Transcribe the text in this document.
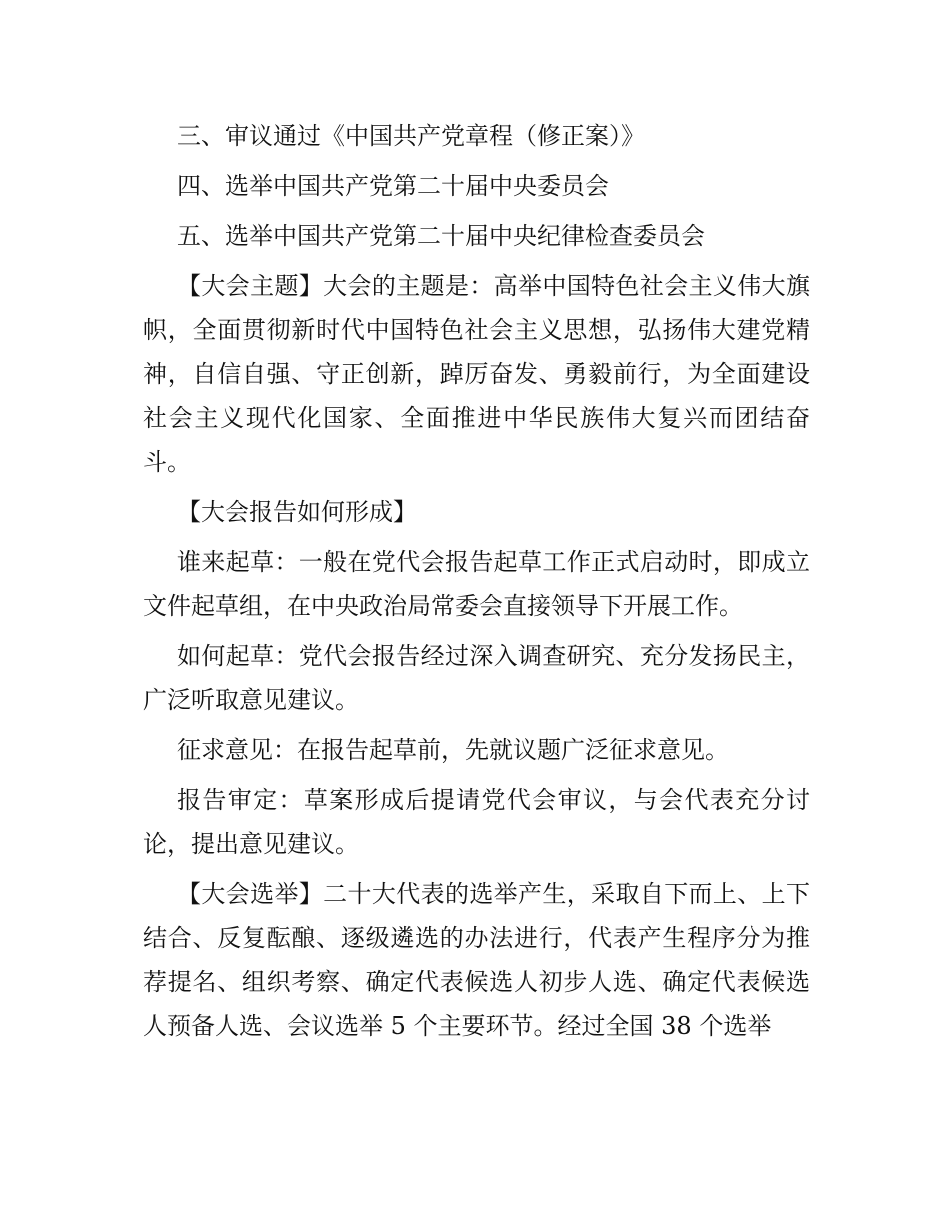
三、审议通过《中国共产党章程（修正案）》

四、选举中国共产党第二十届中央委员会

五、选举中国共产党第二十届中央纪律检查委员会

【大会主题】大会的主题是：高举中国特色社会主义伟大旗帜，全面贯彻新时代中国特色社会主义思想，弘扬伟大建党精神，自信自强、守正创新，踔厉奋发、勇毅前行，为全面建设社会主义现代化国家、全面推进中华民族伟大复兴而团结奋斗。

【大会报告如何形成】

谁来起草：一般在党代会报告起草工作正式启动时，即成立文件起草组，在中央政治局常委会直接领导下开展工作。

如何起草：党代会报告经过深入调查研究、充分发扬民主，广泛听取意见建议。

征求意见：在报告起草前，先就议题广泛征求意见。

报告审定：草案形成后提请党代会审议，与会代表充分讨论，提出意见建议。

【大会选举】二十大代表的选举产生，采取自下而上、上下结合、反复酝酿、逐级遴选的办法进行，代表产生程序分为推荐提名、组织考察、确定代表候选人初步人选、确定代表候选人预备人选、会议选举 5 个主要环节。经过全国 38 个选举
